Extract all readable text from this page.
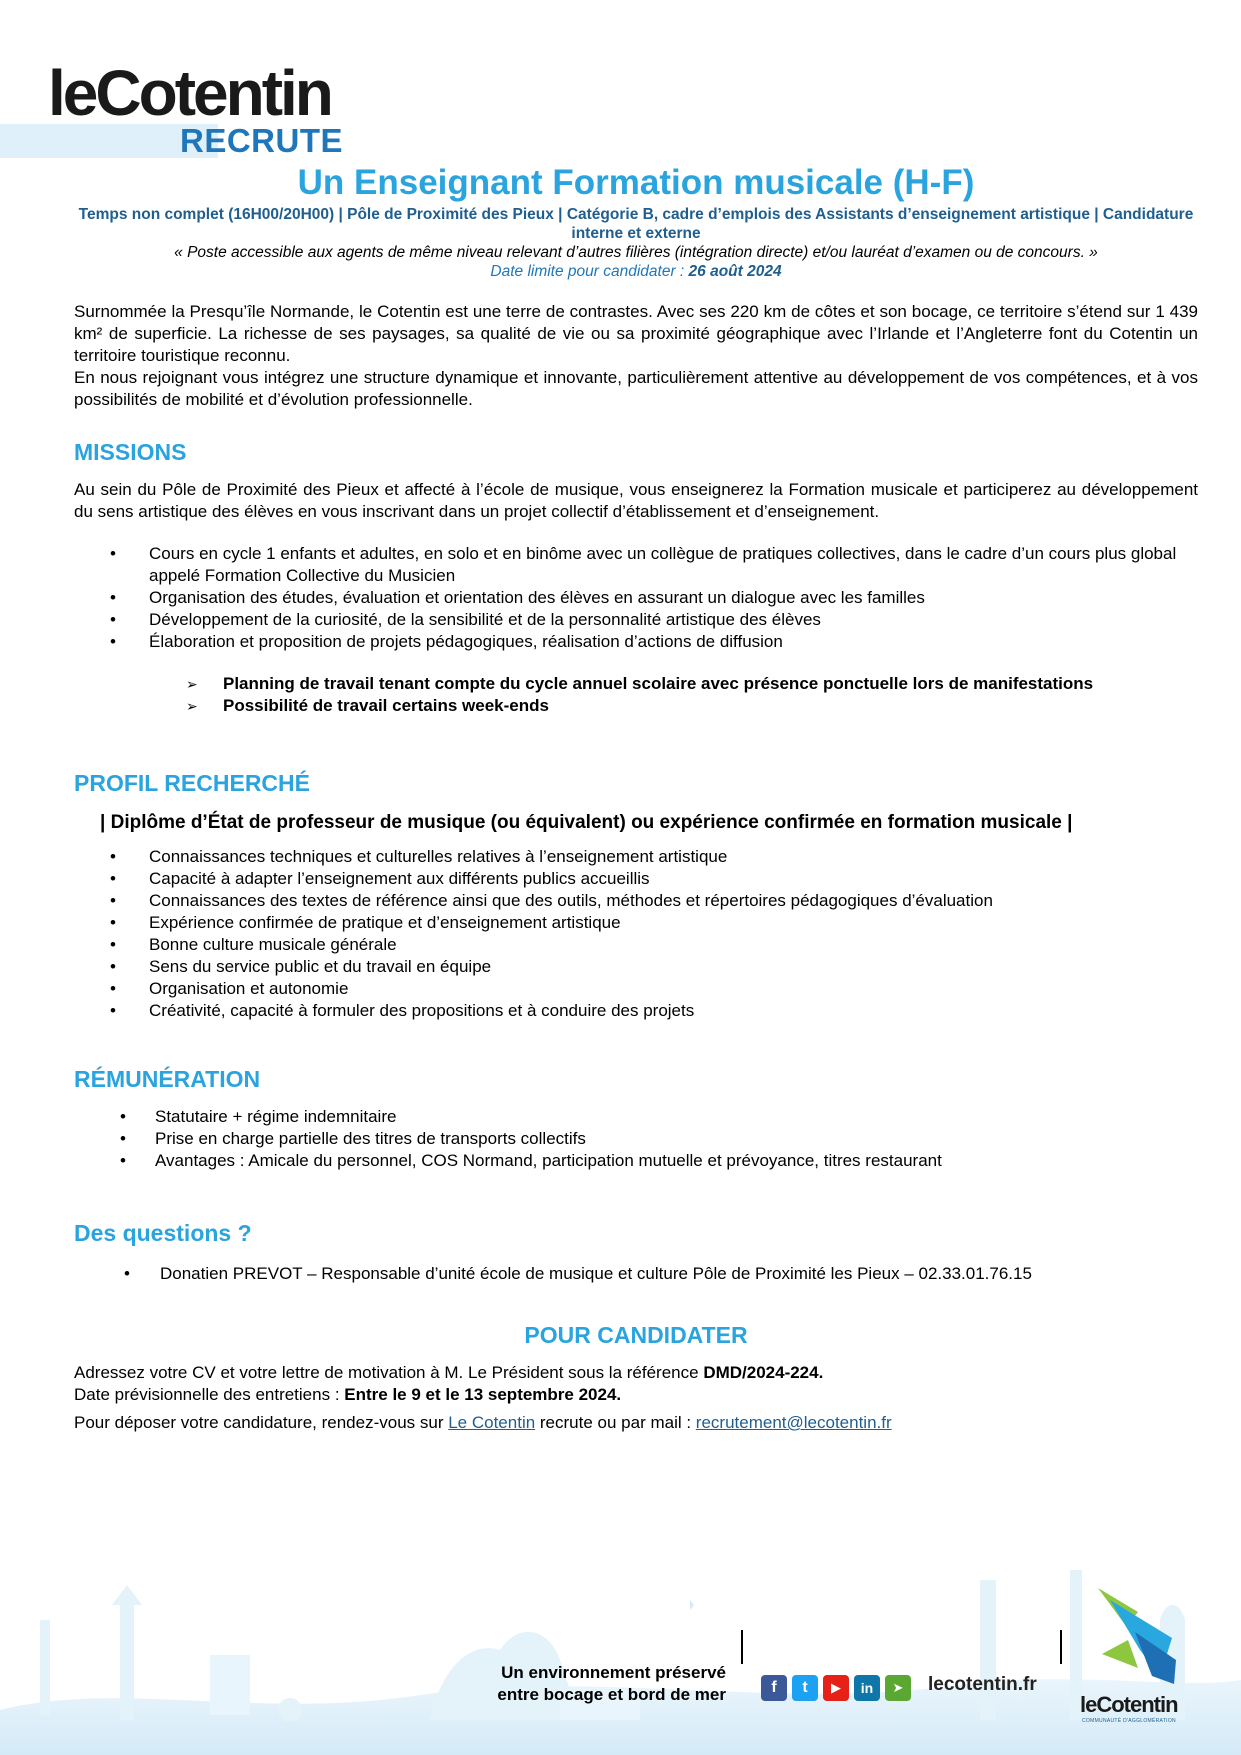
leCotentin
RECRUTE
Un Enseignant Formation musicale (H-F)
Temps non complet (16H00/20H00) | Pôle de Proximité des Pieux | Catégorie B, cadre d’emplois des Assistants d’enseignement artistique | Candidature interne et externe
« Poste accessible aux agents de même niveau relevant d’autres filières (intégration directe) et/ou lauréat d’examen ou de concours. »
Date limite pour candidater : 26 août 2024

Surnommée la Presqu’île Normande, le Cotentin est une terre de contrastes. Avec ses 220 km de côtes et son bocage, ce territoire s’étend sur 1 439 km² de superficie. La richesse de ses paysages, sa qualité de vie ou sa proximité géographique avec l’Irlande et l’Angleterre font du Cotentin un territoire touristique reconnu.

En nous rejoignant vous intégrez une structure dynamique et innovante, particulièrement attentive au développement de vos compétences, et à vos possibilités de mobilité et d’évolution professionnelle.

MISSIONS

Au sein du Pôle de Proximité des Pieux et affecté à l’école de musique, vous enseignerez la Formation musicale et participerez au développement du sens artistique des élèves en vous inscrivant dans un projet collectif d’établissement et d’enseignement.

• Cours en cycle 1 enfants et adultes, en solo et en binôme avec un collègue de pratiques collectives, dans le cadre d’un cours plus global appelé Formation Collective du Musicien
• Organisation des études, évaluation et orientation des élèves en assurant un dialogue avec les familles
• Développement de la curiosité, de la sensibilité et de la personnalité artistique des élèves
• Élaboration et proposition de projets pédagogiques, réalisation d’actions de diffusion
➢ Planning de travail tenant compte du cycle annuel scolaire avec présence ponctuelle lors de manifestations
➢ Possibilité de travail certains week-ends
PROFIL RECHERCHÉ
| Diplôme d’État de professeur de musique (ou équivalent) ou expérience confirmée en formation musicale |
• Connaissances techniques et culturelles relatives à l’enseignement artistique
• Capacité à adapter l’enseignement aux différents publics accueillis
• Connaissances des textes de référence ainsi que des outils, méthodes et répertoires pédagogiques d’évaluation
• Expérience confirmée de pratique et d’enseignement artistique
• Bonne culture musicale générale
• Sens du service public et du travail en équipe
• Organisation et autonomie
• Créativité, capacité à formuler des propositions et à conduire des projets
RÉMUNÉRATION
• Statutaire + régime indemnitaire
• Prise en charge partielle des titres de transports collectifs
• Avantages : Amicale du personnel, COS Normand, participation mutuelle et prévoyance, titres restaurant
Des questions ?
• Donatien PREVOT – Responsable d’unité école de musique et culture Pôle de Proximité les Pieux – 02.33.01.76.15
POUR CANDIDATER

Adressez votre CV et votre lettre de motivation à M. Le Président sous la référence DMD/2024-224.

Date prévisionnelle des entretiens : Entre le 9 et le 13 septembre 2024.

Pour déposer votre candidature, rendez-vous sur Le Cotentin recrute ou par mail : recrutement@lecotentin.fr

Un environnement préservé
entre bocage et bord de mer	f	t	▶	in	➤	lecotentin.fr
leCotentin
COMMUNAUTÉ D'AGGLOMÉRATION
